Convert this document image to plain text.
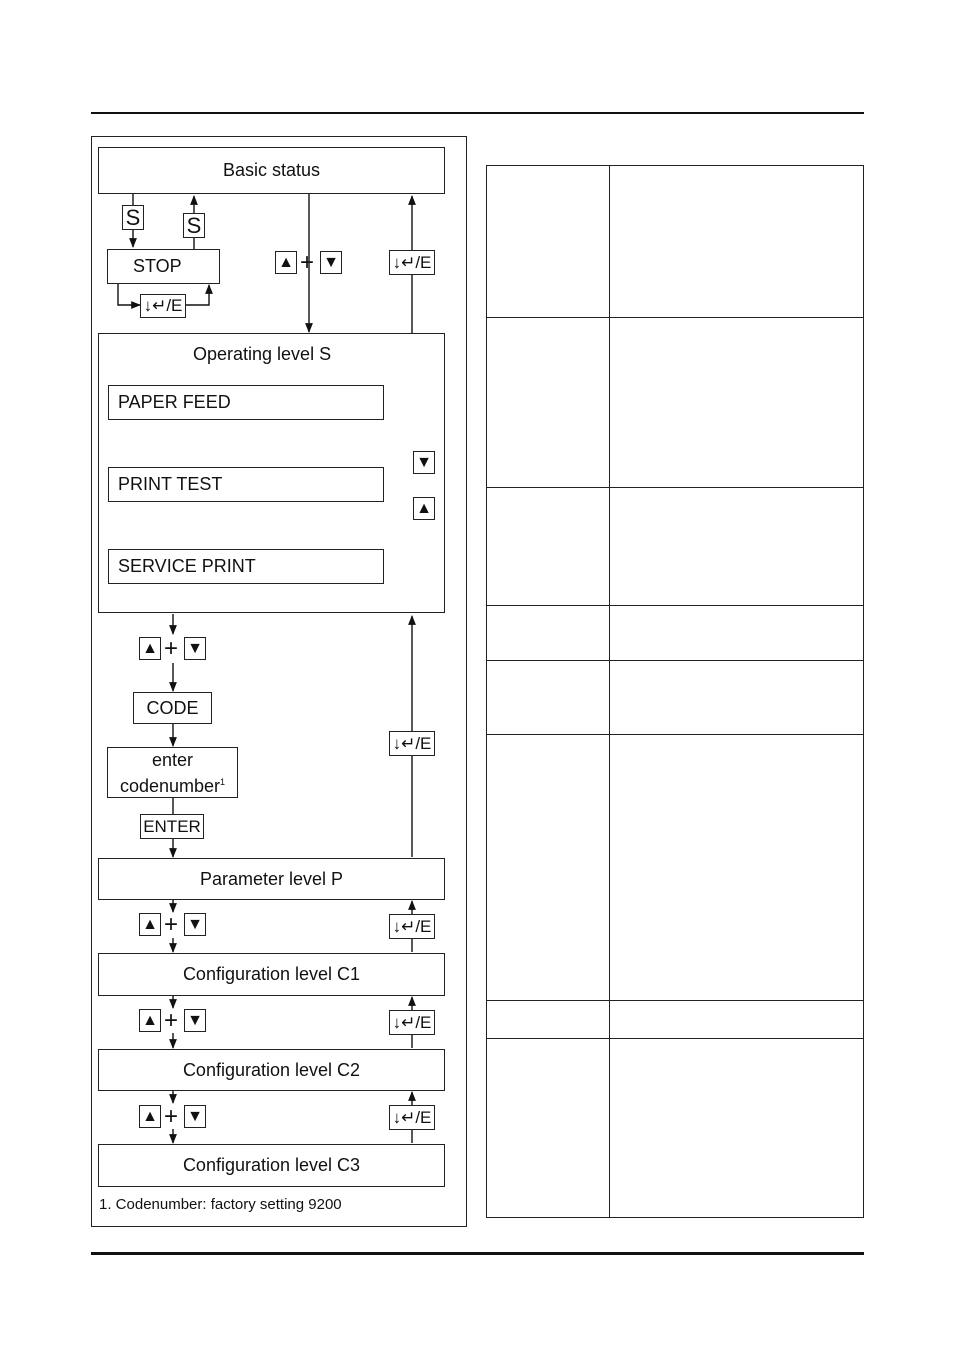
Basic status
S S
STOP
↓↵/E
▲ + ▼	↓↵/E
Operating level S
PAPER FEED
PRINT TEST
SERVICE PRINT
▼
▲
▲ + ▼
CODE
enter
codenumber$^1$
ENTER
↓↵/E
Parameter level P
▲ + ▼	↓↵/E
Configuration level C1
▲ + ▼	↓↵/E
Configuration level C2
▲ + ▼	↓↵/E
Configuration level C3
1. Codenumber: factory setting 9200
